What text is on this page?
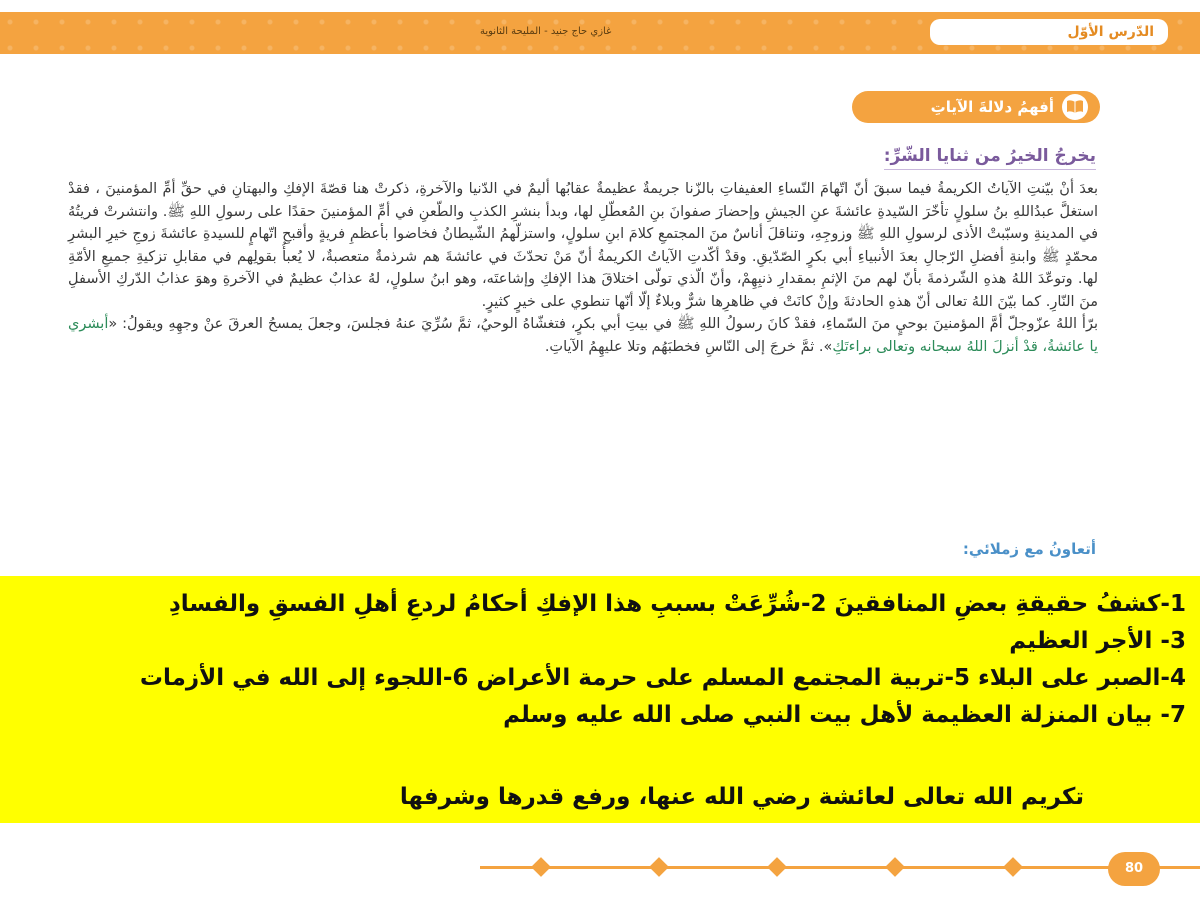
غازي حاج جنيد - المليحة الثانوية	الدّرس الأوّل
أفهمُ دلالةَ الآياتِ
يخرجُ الخيرُ من ثنايا الشّرِّ:

بعدَ أنْ بيّنتِ الآياتُ الكريمةُ فيما سبقَ أنّ اتّهامَ النّساءِ العفيفاتِ بالزّنا جريمةٌ عظيمةٌ عقابُها أليمٌ في الدّنيا والآخرةِ، ذكرتْ هنا قصّةَ الإفكِ والبهتانِ في حقِّ أمِّ المؤمنينَ ، فقدْ استغلَّ عبدُاللهِ بنُ سلولٍ تأخّرَ السّيدةِ عائشةَ عنِ الجيشِ وإحضارَ صفوانَ بنِ المُعطّلِ لها، وبدأ بنشرِ الكذبِ والطّعنِ في أمِّ المؤمنينَ حقدًا على رسولِ اللهِ ﷺ. وانتشرتْ فريتُهُ في المدينةِ وسبّبتْ الأذى لرسولِ اللهِ ﷺ وزوجِهِ، وتناقلَ أناسٌ منَ المجتمعِ كلامَ ابنِ سلولٍ، واستزلّهمُ الشّيطانُ فخاضوا بأعظمِ فريةٍ وأقبحِ اتّهامٍ للسيدةِ عائشةَ زوجِ خيرِ البشرِ محمّدٍ ﷺ وابنةِ أفضلِ الرّجالِ بعدَ الأنبياءِ أبي بكرٍ الصّدّيقِ. وقدْ أكّدتِ الآياتُ الكريمةُ أنّ مَنْ تحدّثَ في عائشةَ هم شرذمةٌ متعصبةٌ، لا يُعبأُ بقولِهم في مقابلِ تزكيةِ جميعِ الأمّةِ لها. وتوعّدَ اللهُ هذهِ الشّرذمةَ بأنّ لهم منَ الإثمِ بمقدارِ ذنبِهِمْ، وأنّ الّذي تولّى اختلاقَ هذا الإفكِ وإشاعتَه، وهو ابنُ سلولٍ، لهُ عذابٌ عظيمٌ في الآخرةِ وهوَ عذابُ الدّركِ الأسفلِ منَ النّارِ. كما بيّنَ اللهُ تعالى أنّ هذهِ الحادثةَ وإنْ كانَتْ في ظاهرِها شرٌّ وبلاءٌ إلّا أنّها تنطوي على خيرٍ كثيرٍ.

برّأ اللهُ عزّوجلّ أمَّ المؤمنينَ بوحيٍ منَ السّماءِ، فقدْ كانَ رسولُ اللهِ ﷺ في بيتِ أبي بكرٍ، فتغشّاهُ الوحيُ، ثمَّ سُرِّيَ عنهُ فجلسَ، وجعلَ يمسحُ العرقَ عنْ وجهِهِ ويقولُ: «أبشري يا عائشةُ، قدْ أنزلَ اللهُ سبحانه وتعالى براءتَكِ». ثمَّ خرجَ إلى النّاسِ فخطبَهُم وتلا عليهِمُ الآياتِ.

أتعاونُ مع زملائي:

1-كشفُ حقيقةِ بعضِ المنافقينَ 2-شُرِّعَتْ بسببِ هذا الإفكِ أحكامُ لردعِ أهلِ الفسقِ والفسادِ

3- الأجر العظيم

4-الصبر على البلاء 5-تربية المجتمع المسلم على حرمة الأعراض 6-اللجوء إلى الله في الأزمات

7- بيان المنزلة العظيمة لأهل بيت النبي صلى الله عليه وسلم

تكريم الله تعالى لعائشة رضي الله عنها، ورفع قدرها وشرفها
80
